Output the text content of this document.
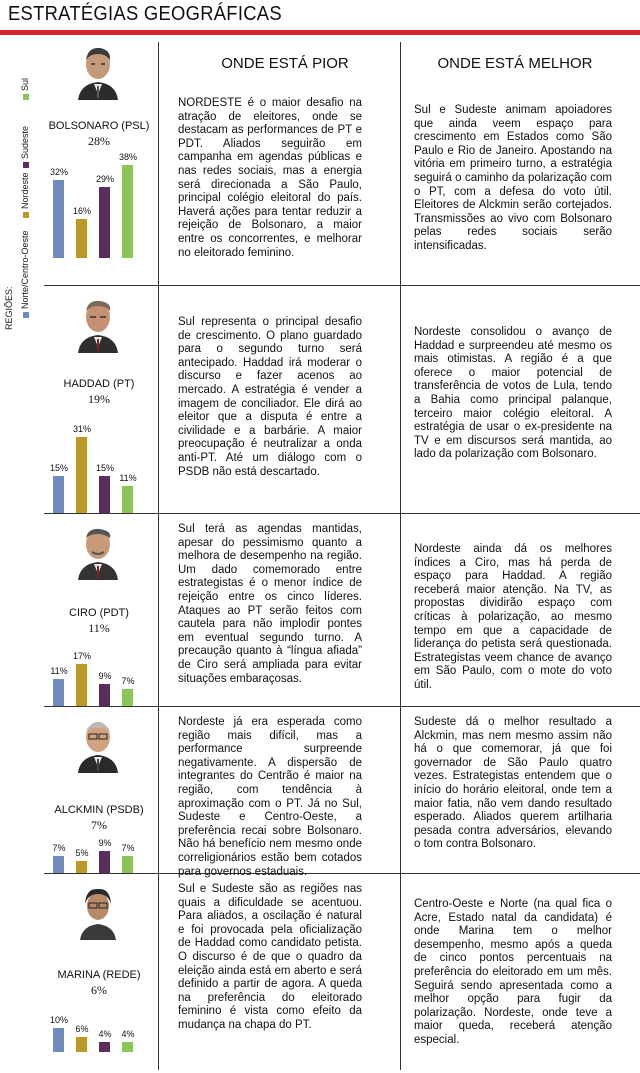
ESTRATÉGIAS GEOGRÁFICAS
Sul
Sudeste
Nordeste
Norte/Centro-Oeste
REGIÕES:
ONDE ESTÁ PIOR	ONDE ESTÁ MELHOR
BOLSONARO (PSL)
28%
NORDESTE é o maior desafio na atração de eleitores, onde se destacam as performances de PT e PDT. Aliados seguirão em campanha em agendas públicas e nas redes sociais, mas a energia será direcionada a São Paulo, principal colégio eleitoral do país. Haverá ações para tentar reduzir a rejeição de Bolsonaro, a maior entre os concorrentes, e melhorar no eleitorado feminino.
Sul e Sudeste animam apoiadores que ainda veem espaço para crescimento em Estados como São Paulo e Rio de Janeiro. Apostando na vitória em primeiro turno, a estratégia seguirá o caminho da polarização com o PT, com a defesa do voto útil. Eleitores de Alckmin serão cortejados. Transmissões ao vivo com Bolsonaro pelas redes sociais serão intensificadas.
HADDAD (PT)
19%
Sul representa o principal desafio de crescimento. O plano guardado para o segundo turno será antecipado. Haddad irá moderar o discurso e fazer acenos ao mercado. A estratégia é vender a imagem de conciliador. Ele dirá ao eleitor que a disputa é entre a civilidade e a barbárie. A maior preocupação é neutralizar a onda anti-PT. Até um diálogo com o PSDB não está descartado.
Nordeste consolidou o avanço de Haddad e surpreendeu até mesmo os mais otimistas. A região é a que oferece o maior potencial de transferência de votos de Lula, tendo a Bahia como principal palanque, terceiro maior colégio eleitoral. A estratégia de usar o ex-presidente na TV e em discursos será mantida, ao lado da polarização com Bolsonaro.
CIRO (PDT)
11%
Sul terá as agendas mantidas, apesar do pessimismo quanto a melhora de desempenho na região. Um dado comemorado entre estrategistas é o menor índice de rejeição entre os cinco líderes. Ataques ao PT serão feitos com cautela para não implodir pontes em eventual segundo turno. A precaução quanto à “língua afiada” de Ciro será ampliada para evitar situações embaraçosas.
Nordeste ainda dá os melhores índices a Ciro, mas há perda de espaço para Haddad. A região receberá maior atenção. Na TV, as propostas dividirão espaço com críticas à polarização, ao mesmo tempo em que a capacidade de liderança do petista será questionada. Estrategistas veem chance de avanço em São Paulo, com o mote do voto útil.
ALCKMIN (PSDB)
7%
Nordeste já era esperada como região mais difícil, mas a performance surpreende negativamente. A dispersão de integrantes do Centrão é maior na região, com tendência à aproximação com o PT. Já no Sul, Sudeste e Centro-Oeste, a preferência recai sobre Bolsonaro. Não há benefício nem mesmo onde correligionários estão bem cotados para governos estaduais.
Sudeste dá o melhor resultado a Alckmin, mas nem mesmo assim não há o que comemorar, já que foi governador de São Paulo quatro vezes. Estrategistas entendem que o início do horário eleitoral, onde tem a maior fatia, não vem dando resultado esperado. Aliados querem artilharia pesada contra adversários, elevando o tom contra Bolsonaro.
MARINA (REDE)
6%
Sul e Sudeste são as regiões nas quais a dificuldade se acentuou. Para aliados, a oscilação é natural e foi provocada pela oficialização de Haddad como candidato petista. O discurso é de que o quadro da eleição ainda está em aberto e será definido a partir de agora. A queda na preferência do eleitorado feminino é vista como efeito da mudança na chapa do PT.
Centro-Oeste e Norte (na qual fica o Acre, Estado natal da candidata) é onde Marina tem o melhor desempenho, mesmo após a queda de cinco pontos percentuais na preferência do eleitorado em um mês. Seguirá sendo apresentada como a melhor opção para fugir da polarização. Nordeste, onde teve a maior queda, receberá atenção especial.
32%
16%
29%
38%
15%
31%
15%
11%
11%
17%
9%	7%
7%	5%
9%	7%
10%
6%	4%	4%
